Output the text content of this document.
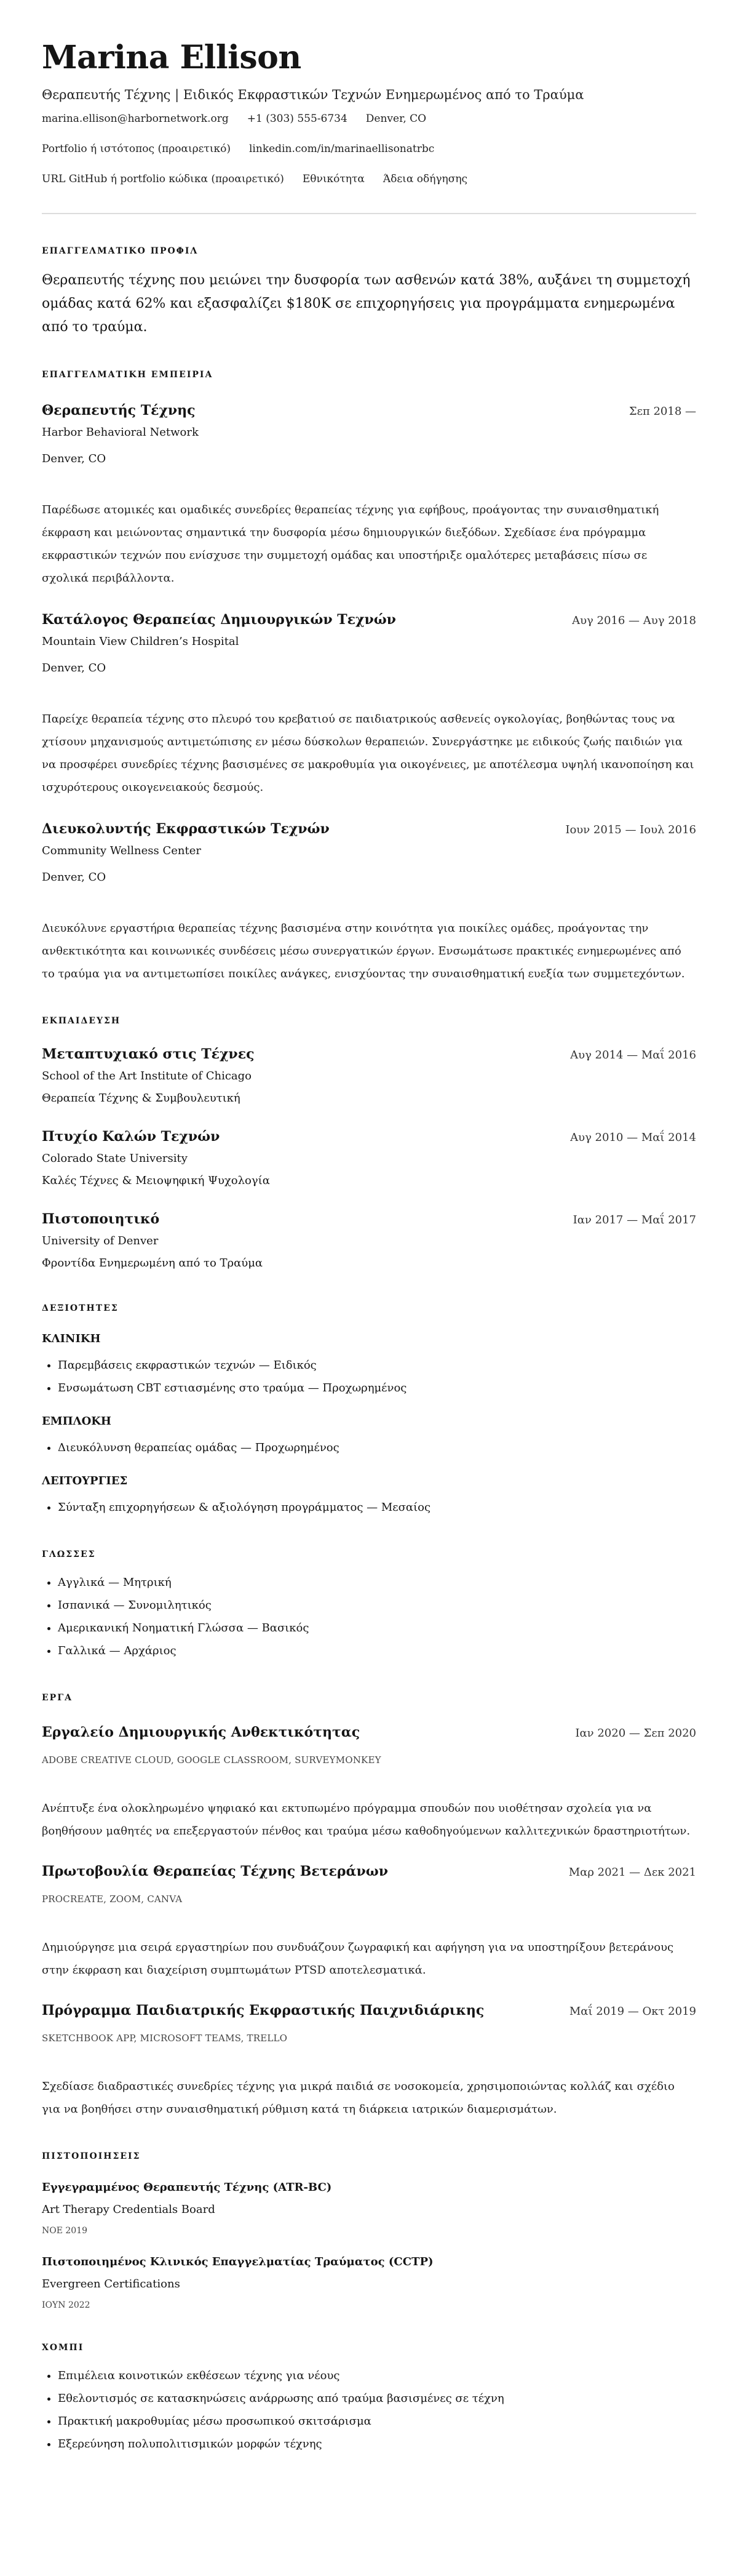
Marina Ellison
Θεραπευτής Τέχνης | Ειδικός Εκφραστικών Τεχνών Ενημερωμένος από το Τραύμα
marina.ellison@harbornetwork.org +1 (303) 555-6734 Denver, CO
Portfolio ή ιστότοπος (προαιρετικό) linkedin.com/in/marinaellisonatrbc
URL GitHub ή portfolio κώδικα (προαιρετικό) Εθνικότητα Άδεια οδήγησης
ΕΠΑΓΓΕΛΜΑΤΙΚΟ ΠΡΟΦΙΛ
Θεραπευτής τέχνης που μειώνει την δυσφορία των ασθενών κατά 38%, αυξάνει τη συμμετοχή ομάδας κατά 62% και εξασφαλίζει $180K σε επιχορηγήσεις για προγράμματα ενημερωμένα από το τραύμα.
ΕΠΑΓΓΕΛΜΑΤΙΚΗ ΕΜΠΕΙΡΙΑ
Θεραπευτής Τέχνης	Σεπ 2018 —
Harbor Behavioral Network
Denver, CO
Παρέδωσε ατομικές και ομαδικές συνεδρίες θεραπείας τέχνης για εφήβους, προάγοντας την συναισθηματική έκφραση και μειώνοντας σημαντικά την δυσφορία μέσω δημιουργικών διεξόδων. Σχεδίασε ένα πρόγραμμα εκφραστικών τεχνών που ενίσχυσε την συμμετοχή ομάδας και υποστήριξε ομαλότερες μεταβάσεις πίσω σε σχολικά περιβάλλοντα.
Κατάλογος Θεραπείας Δημιουργικών Τεχνών	Αυγ 2016 — Αυγ 2018
Mountain View Children’s Hospital
Denver, CO
Παρείχε θεραπεία τέχνης στο πλευρό του κρεβατιού σε παιδιατρικούς ασθενείς ογκολογίας, βοηθώντας τους να χτίσουν μηχανισμούς αντιμετώπισης εν μέσω δύσκολων θεραπειών. Συνεργάστηκε με ειδικούς ζωής παιδιών για να προσφέρει συνεδρίες τέχνης βασισμένες σε μακροθυμία για οικογένειες, με αποτέλεσμα υψηλή ικανοποίηση και ισχυρότερους οικογενειακούς δεσμούς.
Διευκολυντής Εκφραστικών Τεχνών	Ιουν 2015 — Ιουλ 2016
Community Wellness Center
Denver, CO
Διευκόλυνε εργαστήρια θεραπείας τέχνης βασισμένα στην κοινότητα για ποικίλες ομάδες, προάγοντας την ανθεκτικότητα και κοινωνικές συνδέσεις μέσω συνεργατικών έργων. Ενσωμάτωσε πρακτικές ενημερωμένες από το τραύμα για να αντιμετωπίσει ποικίλες ανάγκες, ενισχύοντας την συναισθηματική ευεξία των συμμετεχόντων.
ΕΚΠΑΙΔΕΥΣΗ
Μεταπτυχιακό στις Τέχνες	Αυγ 2014 — Μαΐ 2016
School of the Art Institute of Chicago
Θεραπεία Τέχνης & Συμβουλευτική
Πτυχίο Καλών Τεχνών	Αυγ 2010 — Μαΐ 2014
Colorado State University
Καλές Τέχνες & Μειοψηφική Ψυχολογία
Πιστοποιητικό	Ιαν 2017 — Μαΐ 2017
University of Denver
Φροντίδα Ενημερωμένη από το Τραύμα
ΔΕΞΙΟΤΗΤΕΣ
ΚΛΙΝΙΚΗ
• Παρεμβάσεις εκφραστικών τεχνών — Ειδικός
• Ενσωμάτωση CBT εστιασμένης στο τραύμα — Προχωρημένος
ΕΜΠΛΟΚΗ
• Διευκόλυνση θεραπείας ομάδας — Προχωρημένος
ΛΕΙΤΟΥΡΓΙΕΣ
• Σύνταξη επιχορηγήσεων & αξιολόγηση προγράμματος — Μεσαίος
ΓΛΩΣΣΕΣ
• Αγγλικά — Μητρική
• Ισπανικά — Συνομιλητικός
• Αμερικανική Νοηματική Γλώσσα — Βασικός
• Γαλλικά — Αρχάριος
ΕΡΓΑ
Εργαλείο Δημιουργικής Ανθεκτικότητας	Ιαν 2020 — Σεπ 2020
ADOBE CREATIVE CLOUD, GOOGLE CLASSROOM, SURVEYMONKEY
Ανέπτυξε ένα ολοκληρωμένο ψηφιακό και εκτυπωμένο πρόγραμμα σπουδών που υιοθέτησαν σχολεία για να βοηθήσουν μαθητές να επεξεργαστούν πένθος και τραύμα μέσω καθοδηγούμενων καλλιτεχνικών δραστηριοτήτων.
Πρωτοβουλία Θεραπείας Τέχνης Βετεράνων	Μαρ 2021 — Δεκ 2021
PROCREATE, ZOOM, CANVA
Δημιούργησε μια σειρά εργαστηρίων που συνδυάζουν ζωγραφική και αφήγηση για να υποστηρίξουν βετεράνους στην έκφραση και διαχείριση συμπτωμάτων PTSD αποτελεσματικά.
Πρόγραμμα Παιδιατρικής Εκφραστικής Παιχνιδιάρικης	Μαΐ 2019 — Οκτ 2019
SKETCHBOOK APP, MICROSOFT TEAMS, TRELLO
Σχεδίασε διαδραστικές συνεδρίες τέχνης για μικρά παιδιά σε νοσοκομεία, χρησιμοποιώντας κολλάζ και σχέδιο για να βοηθήσει στην συναισθηματική ρύθμιση κατά τη διάρκεια ιατρικών διαμερισμάτων.
ΠΙΣΤΟΠΟΙΗΣΕΙΣ
Εγγεγραμμένος Θεραπευτής Τέχνης (ATR-BC)
Art Therapy Credentials Board
ΝΟΕ 2019
Πιστοποιημένος Κλινικός Επαγγελματίας Τραύματος (CCTP)
Evergreen Certifications
ΙΟΥΝ 2022
ΧΟΜΠΙ
• Επιμέλεια κοινοτικών εκθέσεων τέχνης για νέους
• Εθελοντισμός σε κατασκηνώσεις ανάρρωσης από τραύμα βασισμένες σε τέχνη
• Πρακτική μακροθυμίας μέσω προσωπικού σκιτσάρισμα
• Εξερεύνηση πολυπολιτισμικών μορφών τέχνης
